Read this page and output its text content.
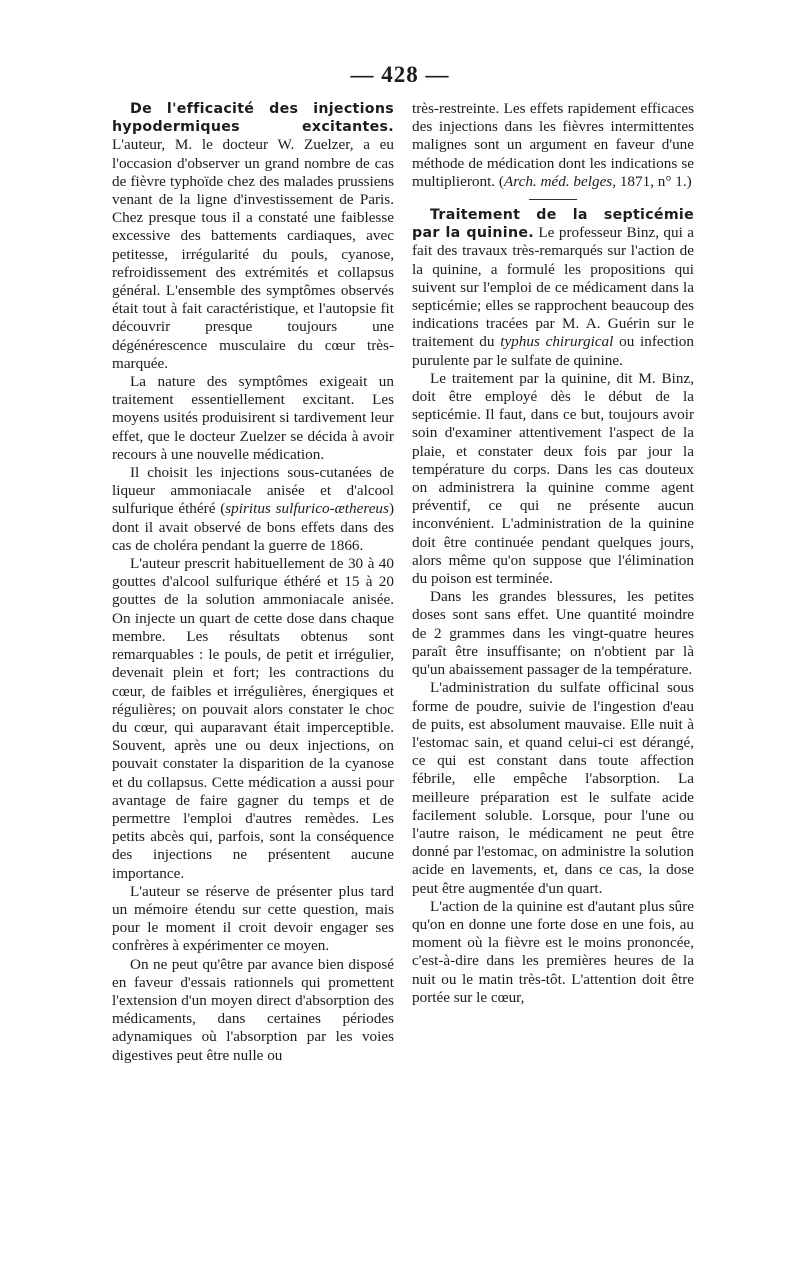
— 428 —

De l'efficacité des injections hypodermiques excitantes. L'auteur, M. le docteur W. Zuelzer, a eu l'occasion d'observer un grand nombre de cas de fièvre typhoïde chez des malades prussiens venant de la ligne d'investissement de Paris. Chez presque tous il a constaté une faiblesse excessive des battements cardiaques, avec petitesse, irrégularité du pouls, cyanose, refroidissement des extrémités et collapsus général. L'ensemble des symptômes observés était tout à fait caractéristique, et l'autopsie fit découvrir presque toujours une dégénérescence musculaire du cœur très-marquée.

La nature des symptômes exigeait un traitement essentiellement excitant. Les moyens usités produisirent si tardivement leur effet, que le docteur Zuelzer se décida à avoir recours à une nouvelle médication.

Il choisit les injections sous-cutanées de liqueur ammoniacale anisée et d'alcool sulfurique éthéré (spiritus sulfurico-æthereus) dont il avait observé de bons effets dans des cas de choléra pendant la guerre de 1866.

L'auteur prescrit habituellement de 30 à 40 gouttes d'alcool sulfurique éthéré et 15 à 20 gouttes de la solution ammoniacale anisée. On injecte un quart de cette dose dans chaque membre. Les résultats obtenus sont remarquables : le pouls, de petit et irrégulier, devenait plein et fort; les contractions du cœur, de faibles et irrégulières, énergiques et régulières; on pouvait alors constater le choc du cœur, qui auparavant était imperceptible. Souvent, après une ou deux injections, on pouvait constater la disparition de la cyanose et du collapsus. Cette médication a aussi pour avantage de faire gagner du temps et de permettre l'emploi d'autres remèdes. Les petits abcès qui, parfois, sont la conséquence des injections ne présentent aucune importance.

L'auteur se réserve de présenter plus tard un mémoire étendu sur cette question, mais pour le moment il croit devoir engager ses confrères à expérimenter ce moyen.

On ne peut qu'être par avance bien disposé en faveur d'essais rationnels qui promettent l'extension d'un moyen direct d'absorption des médicaments, dans certaines périodes adynamiques où l'absorption par les voies digestives peut être nulle ou

très-restreinte. Les effets rapidement efficaces des injections dans les fièvres intermittentes malignes sont un argument en faveur d'une méthode de médication dont les indications se multiplieront. (Arch. méd. belges, 1871, n° 1.)

Traitement de la septicémie par la quinine. Le professeur Binz, qui a fait des travaux très-remarqués sur l'action de la quinine, a formulé les propositions qui suivent sur l'emploi de ce médicament dans la septicémie; elles se rapprochent beaucoup des indications tracées par M. A. Guérin sur le traitement du typhus chirurgical ou infection purulente par le sulfate de quinine.

Le traitement par la quinine, dit M. Binz, doit être employé dès le début de la septicémie. Il faut, dans ce but, toujours avoir soin d'examiner attentivement l'aspect de la plaie, et constater deux fois par jour la température du corps. Dans les cas douteux on administrera la quinine comme agent préventif, ce qui ne présente aucun inconvénient. L'administration de la quinine doit être continuée pendant quelques jours, alors même qu'on suppose que l'élimination du poison est terminée.

Dans les grandes blessures, les petites doses sont sans effet. Une quantité moindre de 2 grammes dans les vingt-quatre heures paraît être insuffisante; on n'obtient par là qu'un abaissement passager de la température.

L'administration du sulfate officinal sous forme de poudre, suivie de l'ingestion d'eau de puits, est absolument mauvaise. Elle nuit à l'estomac sain, et quand celui-ci est dérangé, ce qui est constant dans toute affection fébrile, elle empêche l'absorption. La meilleure préparation est le sulfate acide facilement soluble. Lorsque, pour l'une ou l'autre raison, le médicament ne peut être donné par l'estomac, on administre la solution acide en lavements, et, dans ce cas, la dose peut être augmentée d'un quart.

L'action de la quinine est d'autant plus sûre qu'on en donne une forte dose en une fois, au moment où la fièvre est le moins prononcée, c'est-à-dire dans les premières heures de la nuit ou le matin très-tôt. L'attention doit être portée sur le cœur,
